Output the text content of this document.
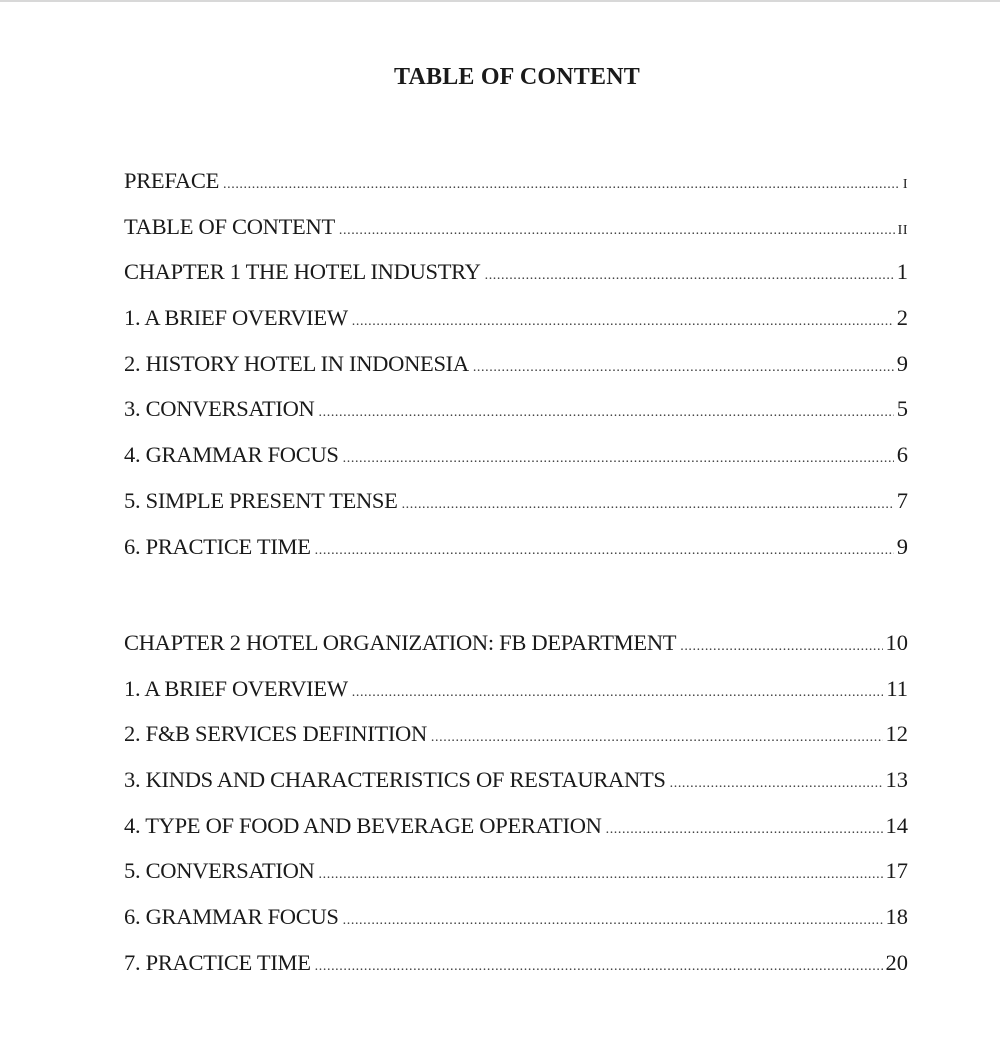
TABLE OF CONTENT
PREFACE .....	I
TABLE OF CONTENT .....	II
CHAPTER 1 THE HOTEL INDUSTRY .....	1
1. A BRIEF OVERVIEW .....	2
2. HISTORY HOTEL IN INDONESIA .....	9
3. CONVERSATION .....	5
4. GRAMMAR FOCUS .....	6
5. SIMPLE PRESENT TENSE .....	7
6. PRACTICE TIME .....	9
CHAPTER 2 HOTEL ORGANIZATION: FB DEPARTMENT .....	10
1. A BRIEF OVERVIEW .....	11
2. F&B SERVICES DEFINITION .....	12
3. KINDS AND CHARACTERISTICS OF RESTAURANTS .....	13
4. TYPE OF FOOD AND BEVERAGE OPERATION .....	14
5. CONVERSATION .....	17
6. GRAMMAR FOCUS .....	18
7. PRACTICE TIME .....	20
